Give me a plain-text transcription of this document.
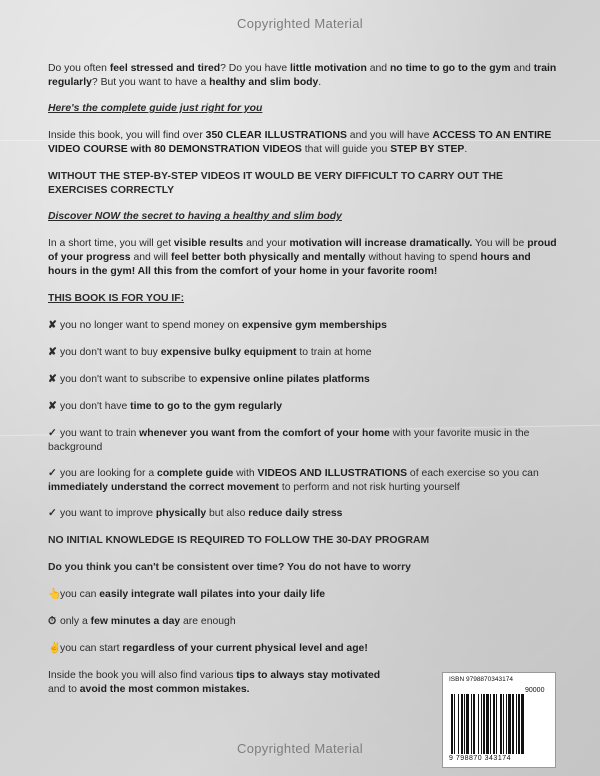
Copyrighted Material
Copyrighted Material
Do you often feel stressed and tired? Do you have little motivation and no time to go to the gym and train regularly? But you want to have a healthy and slim body.
Here's the complete guide just right for you
Inside this book, you will find over 350 CLEAR ILLUSTRATIONS and you will have ACCESS TO AN ENTIRE VIDEO COURSE with 80 DEMONSTRATION VIDEOS that will guide you STEP BY STEP.
WITHOUT THE STEP-BY-STEP VIDEOS IT WOULD BE VERY DIFFICULT TO CARRY OUT THE EXERCISES CORRECTLY
Discover NOW the secret to having a healthy and slim body
In a short time, you will get visible results and your motivation will increase dramatically. You will be proud of your progress and will feel better both physically and mentally without having to spend hours and hours in the gym! All this from the comfort of your home in your favorite room!
THIS BOOK IS FOR YOU IF:
✘ you no longer want to spend money on expensive gym memberships
✘ you don't want to buy expensive bulky equipment to train at home
✘ you don't want to subscribe to expensive online pilates platforms
✘ you don't have time to go to the gym regularly
✓ you want to train whenever you want from the comfort of your home with your favorite music in the background
✓ you are looking for a complete guide with VIDEOS AND ILLUSTRATIONS of each exercise so you can immediately understand the correct movement to perform and not risk hurting yourself
✓ you want to improve physically but also reduce daily stress
NO INITIAL KNOWLEDGE IS REQUIRED TO FOLLOW THE 30-DAY PROGRAM
Do you think you can't be consistent over time? You do not have to worry
👆you can easily integrate wall pilates into your daily life
⏱ only a few minutes a day are enough
✌you can start regardless of your current physical level and age!
Inside the book you will also find various tips to always stay motivated
and to avoid the most common mistakes.
ISBN 9798870343174
90000
9 798870 343174
